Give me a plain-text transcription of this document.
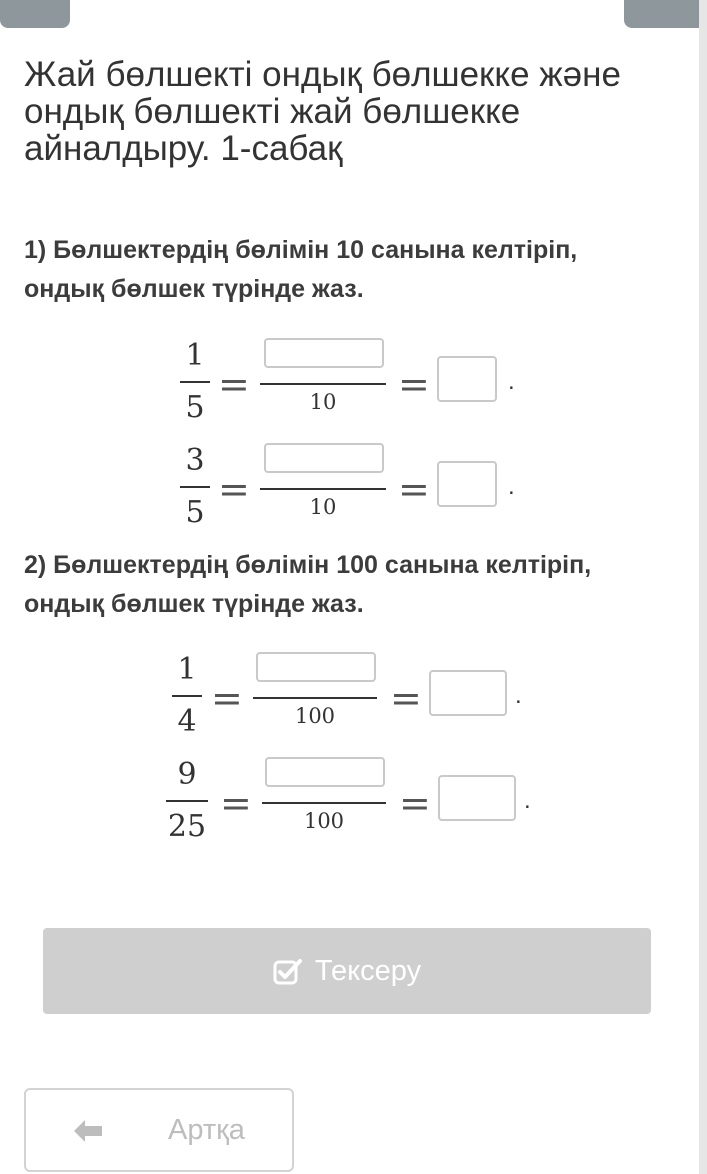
Жай бөлшекті ондық бөлшекке және ондық бөлшекті жай бөлшекке айналдыру. 1-сабақ
1) Бөлшектердің бөлімін 10 санына келтіріп, ондық бөлшек түрінде жаз.
1
5
=	10	=	.
3
5
=	10	=	.
2) Бөлшектердің бөлімін 100 санына келтіріп, ондық бөлшек түрінде жаз.
1
4
=	100	=	.
9
25
=	100	=	.
Тексеру
Артқа
